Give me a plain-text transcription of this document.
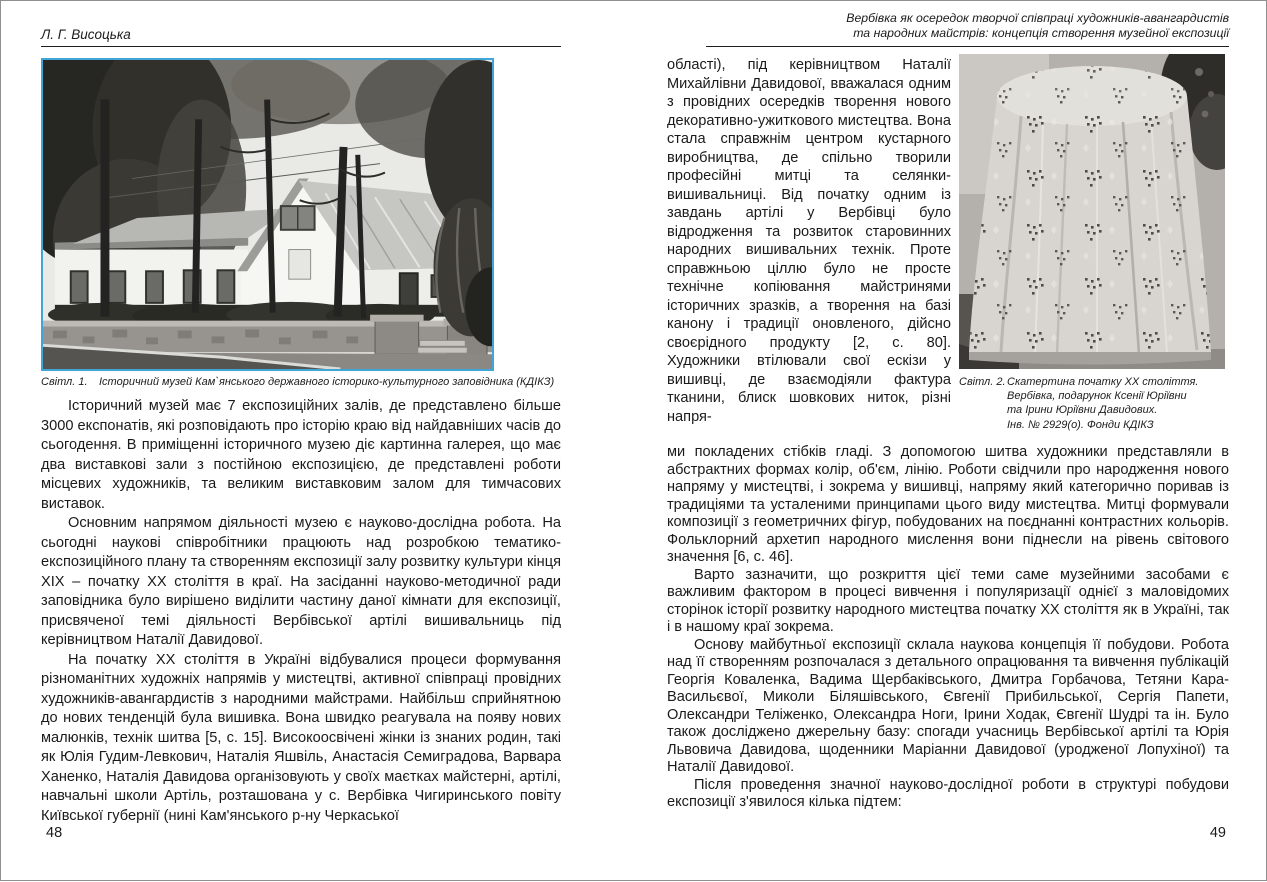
Л. Г. Висоцька
Світл. 1.	Історичний музей Кам`янського державного історико-культурного заповідника (КДІКЗ)

Історичний музей має 7 експозиційних залів, де представлено більше 3000 експонатів, які розповідають про історію краю від найдавніших часів до сьогодення. В приміщенні історичного музею діє картинна галерея, що має два виставкові зали з постійною експозицією, де представлені роботи місцевих художників, та великим виставковим залом для тимчасових виставок.

Основним напрямом діяльності музею є науково-дослідна робота. На сьогодні наукові співробітники працюють над розробкою тематико-експозиційного плану та створенням експозиції залу розвитку культури кінця XIX – початку XX століття в краї. На засіданні науково-методичної ради заповідника було вирішено виділити частину даної кімнати для експозиції, присвяченої темі діяльності Вербівської артілі вишивальниць під керівництвом Наталії Давидової.

На початку XX століття в Україні відбувалися процеси формування різноманітних художніх напрямів у мистецтві, активної співпраці провідних художників-авангардистів з народними майстрами. Найбільш сприйнятною до нових тенденцій була вишивка. Вона швидко реагувала на появу нових малюнків, технік шитва [5, с. 15]. Високоосвічені жінки із знаних родин, такі як Юлія Гудим-Левкович, Наталія Яшвіль, Анастасія Семиградова, Варвара Ханенко, Наталія Давидова організовують у своїх маєтках майстерні, артілі, навчальні школи Артіль, розташована у с. Вербівка Чигиринського повіту Київської губернії (нині Кам'янського р-ну Черкаської

48
Вербівка як осередок творчої співпраці художників-авангардистів
та народних майстрів: концепція створення музейної експозиції
області), під керівництвом Наталії Михайлівни Давидової, вважалася одним з провідних осередків творення нового декоративно-ужиткового мистецтва. Вона стала справжнім центром кустарного виробництва, де спільно творили професійні митці та селянки-вишивальниці. Від початку одним із завдань артілі у Вербівці було відродження та розвиток старовинних народних вишивальних технік. Проте справжньою ціллю було не просте технічне копіювання майстринями історичних зразків, а творення на базі канону і традиції оновленого, дійсно своєрідного продукту [2, с. 80]. Художники втілювали свої ескізи у вишивці, де взаємодіяли фактура тканини, блиск шовкових ниток, різні напря-
Світл. 2. Скатертина початку XX століття.
Вербівка, подарунок Ксенії Юріївни
та Ірини Юріївни Давидових.
Інв. № 2929(о). Фонди КДІКЗ

ми покладених стібків гладі. З допомогою шитва художники представляли в абстрактних формах колір, об'єм, лінію. Роботи свідчили про народження нового напряму у мистецтві, і зокрема у вишивці, напряму який категорично поривав із традиціями та усталеними принципами цього виду мистецтва. Митці формували композиції з геометричних фігур, побудованих на поєднанні контрастних кольорів. Фольклорний архетип народного мислення вони піднесли на рівень світового значення [6, с. 46].

Варто зазначити, що розкриття цієї теми саме музейними засобами є важливим фактором в процесі вивчення і популяризації однієї з маловідомих сторінок історії розвитку народного мистецтва початку XX століття як в Україні, так і в нашому краї зокрема.

Основу майбутньої експозиції склала наукова концепція її побудови. Робота над її створенням розпочалася з детального опрацювання та вивчення публікацій Георгія Коваленка, Вадима Щербаківського, Дмитра Горбачова, Тетяни Кара-Васильєвої, Миколи Біляшівського, Євгенії Прибильської, Сергія Папети, Олександри Теліженко, Олександра Ноги, Ірини Ходак, Євгенії Шудрі та ін. Було також досліджено джерельну базу: спогади учасниць Вербівської артілі та Юрія Львовича Давидова, щоденники Маріанни Давидової (уродженої Лопухіної) та Наталії Давидової.

Після проведення значної науково-дослідної роботи в структурі побудови експозиції з'явилося кілька підтем:

49
